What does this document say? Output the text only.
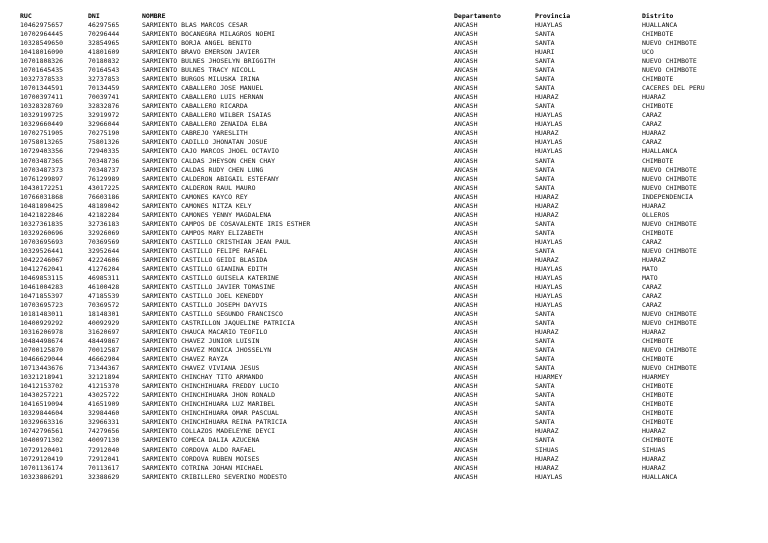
RUC	DNI	NOMBRE	Departamento	Provincia	Distrito
10462975657	46297565	SARMIENTO BLAS MARCOS CESAR	ANCASH	HUAYLAS	HUALLANCA
10702964445	70296444	SARMIENTO BOCANEGRA MILAGROS NOEMI	ANCASH	SANTA	CHIMBOTE
10328549650	32854965	SARMIENTO BORJA ANGEL BENITO	ANCASH	SANTA	NUEVO CHIMBOTE
10418016090	41801609	SARMIENTO BRAVO EMERSON JAVIER	ANCASH	HUARI	UCO
10701808326	70180832	SARMIENTO BULNES JHOSELYN BRIGGITH	ANCASH	SANTA	NUEVO CHIMBOTE
10701645435	70164543	SARMIENTO BULNES TRACY NICOLL	ANCASH	SANTA	NUEVO CHIMBOTE
10327378533	32737853	SARMIENTO BURGOS MILUSKA IRINA	ANCASH	SANTA	CHIMBOTE
10701344591	70134459	SARMIENTO CABALLERO JOSE MANUEL	ANCASH	SANTA	CACERES DEL PERU
10700397411	70039741	SARMIENTO CABALLERO LUIS HERNAN	ANCASH	HUARAZ	HUARAZ
10328328769	32832876	SARMIENTO CABALLERO RICARDA	ANCASH	SANTA	CHIMBOTE
10329199725	32919972	SARMIENTO CABALLERO WILBER ISAIAS	ANCASH	HUAYLAS	CARAZ
10329660449	32966044	SARMIENTO CABALLERO ZENAIDA ELBA	ANCASH	HUAYLAS	CARAZ
10702751905	70275190	SARMIENTO CABREJO YARESLITH	ANCASH	HUARAZ	HUARAZ
10758013265	75801326	SARMIENTO CADILLO JHONATAN JOSUE	ANCASH	HUAYLAS	CARAZ
10729403356	72940335	SARMIENTO CAJO MARCOS JHOEL OCTAVIO	ANCASH	HUAYLAS	HUALLANCA
10703487365	70348736	SARMIENTO CALDAS JHEYSON CHEN CHAY	ANCASH	SANTA	CHIMBOTE
10703487373	70348737	SARMIENTO CALDAS RUDY CHEN LUNG	ANCASH	SANTA	NUEVO CHIMBOTE
10761299897	76129989	SARMIENTO CALDERON ABIGAIL ESTEFANY	ANCASH	SANTA	NUEVO CHIMBOTE
10430172251	43017225	SARMIENTO CALDERON RAUL MAURO	ANCASH	SANTA	NUEVO CHIMBOTE
10766031868	76603186	SARMIENTO CAMONES KAYCO REY	ANCASH	HUARAZ	INDEPENDENCIA
10481890425	48189042	SARMIENTO CAMONES NITZA KELY	ANCASH	HUARAZ	HUARAZ
10421822846	42182284	SARMIENTO CAMONES YENNY MAGDALENA	ANCASH	HUARAZ	OLLEROS
10327361835	32736183	SARMIENTO CAMPOS DE COSAVALENTE IRIS ESTHER	ANCASH	SANTA	NUEVO CHIMBOTE
10329260696	32926069	SARMIENTO CAMPOS MARY ELIZABETH	ANCASH	SANTA	CHIMBOTE
10703695693	70369569	SARMIENTO CASTILLO CRISTHIAN JEAN PAUL	ANCASH	HUAYLAS	CARAZ
10329526441	32952644	SARMIENTO CASTILLO FELIPE RAFAEL	ANCASH	SANTA	NUEVO CHIMBOTE
10422246067	42224606	SARMIENTO CASTILLO GEIDI BLASIDA	ANCASH	HUARAZ	HUARAZ
10412762041	41276204	SARMIENTO CASTILLO GIANINA EDITH	ANCASH	HUAYLAS	MATO
10469853115	46985311	SARMIENTO CASTILLO GUISELA KATERINE	ANCASH	HUAYLAS	MATO
10461004283	46100428	SARMIENTO CASTILLO JAVIER TOMASINE	ANCASH	HUAYLAS	CARAZ
10471855397	47185539	SARMIENTO CASTILLO JOEL KENEDDY	ANCASH	HUAYLAS	CARAZ
10703695723	70369572	SARMIENTO CASTILLO JOSEPH DAYVIS	ANCASH	HUAYLAS	CARAZ
10181483011	18148301	SARMIENTO CASTILLO SEGUNDO FRANCISCO	ANCASH	SANTA	NUEVO CHIMBOTE
10400929292	40092929	SARMIENTO CASTRILLON JAQUELINE PATRICIA	ANCASH	SANTA	NUEVO CHIMBOTE
10316206978	31620697	SARMIENTO CHAUCA MACARIO TEOFILO	ANCASH	HUARAZ	HUARAZ
10484498674	48449867	SARMIENTO CHAVEZ JUNIOR LUISIN	ANCASH	SANTA	CHIMBOTE
10700125870	70012587	SARMIENTO CHAVEZ MONICA JHOSSELYN	ANCASH	SANTA	NUEVO CHIMBOTE
10466629044	46662904	SARMIENTO CHAVEZ RAYZA	ANCASH	SANTA	CHIMBOTE
10713443676	71344367	SARMIENTO CHAVEZ VIVIANA JESUS	ANCASH	SANTA	NUEVO CHIMBOTE
10321218941	32121894	SARMIENTO CHINCHAY TITO ARMANDO	ANCASH	HUARMEY	HUARMEY
10412153702	41215370	SARMIENTO CHINCHIHUARA FREDDY LUCIO	ANCASH	SANTA	CHIMBOTE
10430257221	43025722	SARMIENTO CHINCHIHUARA JHON RONALD	ANCASH	SANTA	CHIMBOTE
10416519094	41651909	SARMIENTO CHINCHIHUARA LUZ MARIBEL	ANCASH	SANTA	CHIMBOTE
10329844604	32984460	SARMIENTO CHINCHIHUARA OMAR PASCUAL	ANCASH	SANTA	CHIMBOTE
10329663316	32966331	SARMIENTO CHINCHIHUARA REINA PATRICIA	ANCASH	SANTA	CHIMBOTE
10742796561	74279656	SARMIENTO COLLAZOS MADELEYNE DEYCI	ANCASH	HUARAZ	HUARAZ
10400971302	40097130	SARMIENTO COMECA DALIA AZUCENA	ANCASH	SANTA	CHIMBOTE
10729120401	72912040	SARMIENTO CORDOVA ALDO RAFAEL	ANCASH	SIHUAS	SIHUAS
10729120419	72912041	SARMIENTO CORDOVA RUBEN MOISES	ANCASH	HUARAZ	HUARAZ
10701136174	70113617	SARMIENTO COTRINA JOHAN MICHAEL	ANCASH	HUARAZ	HUARAZ
10323886291	32388629	SARMIENTO CRIBILLERO SEVERINO MODESTO	ANCASH	HUAYLAS	HUALLANCA
